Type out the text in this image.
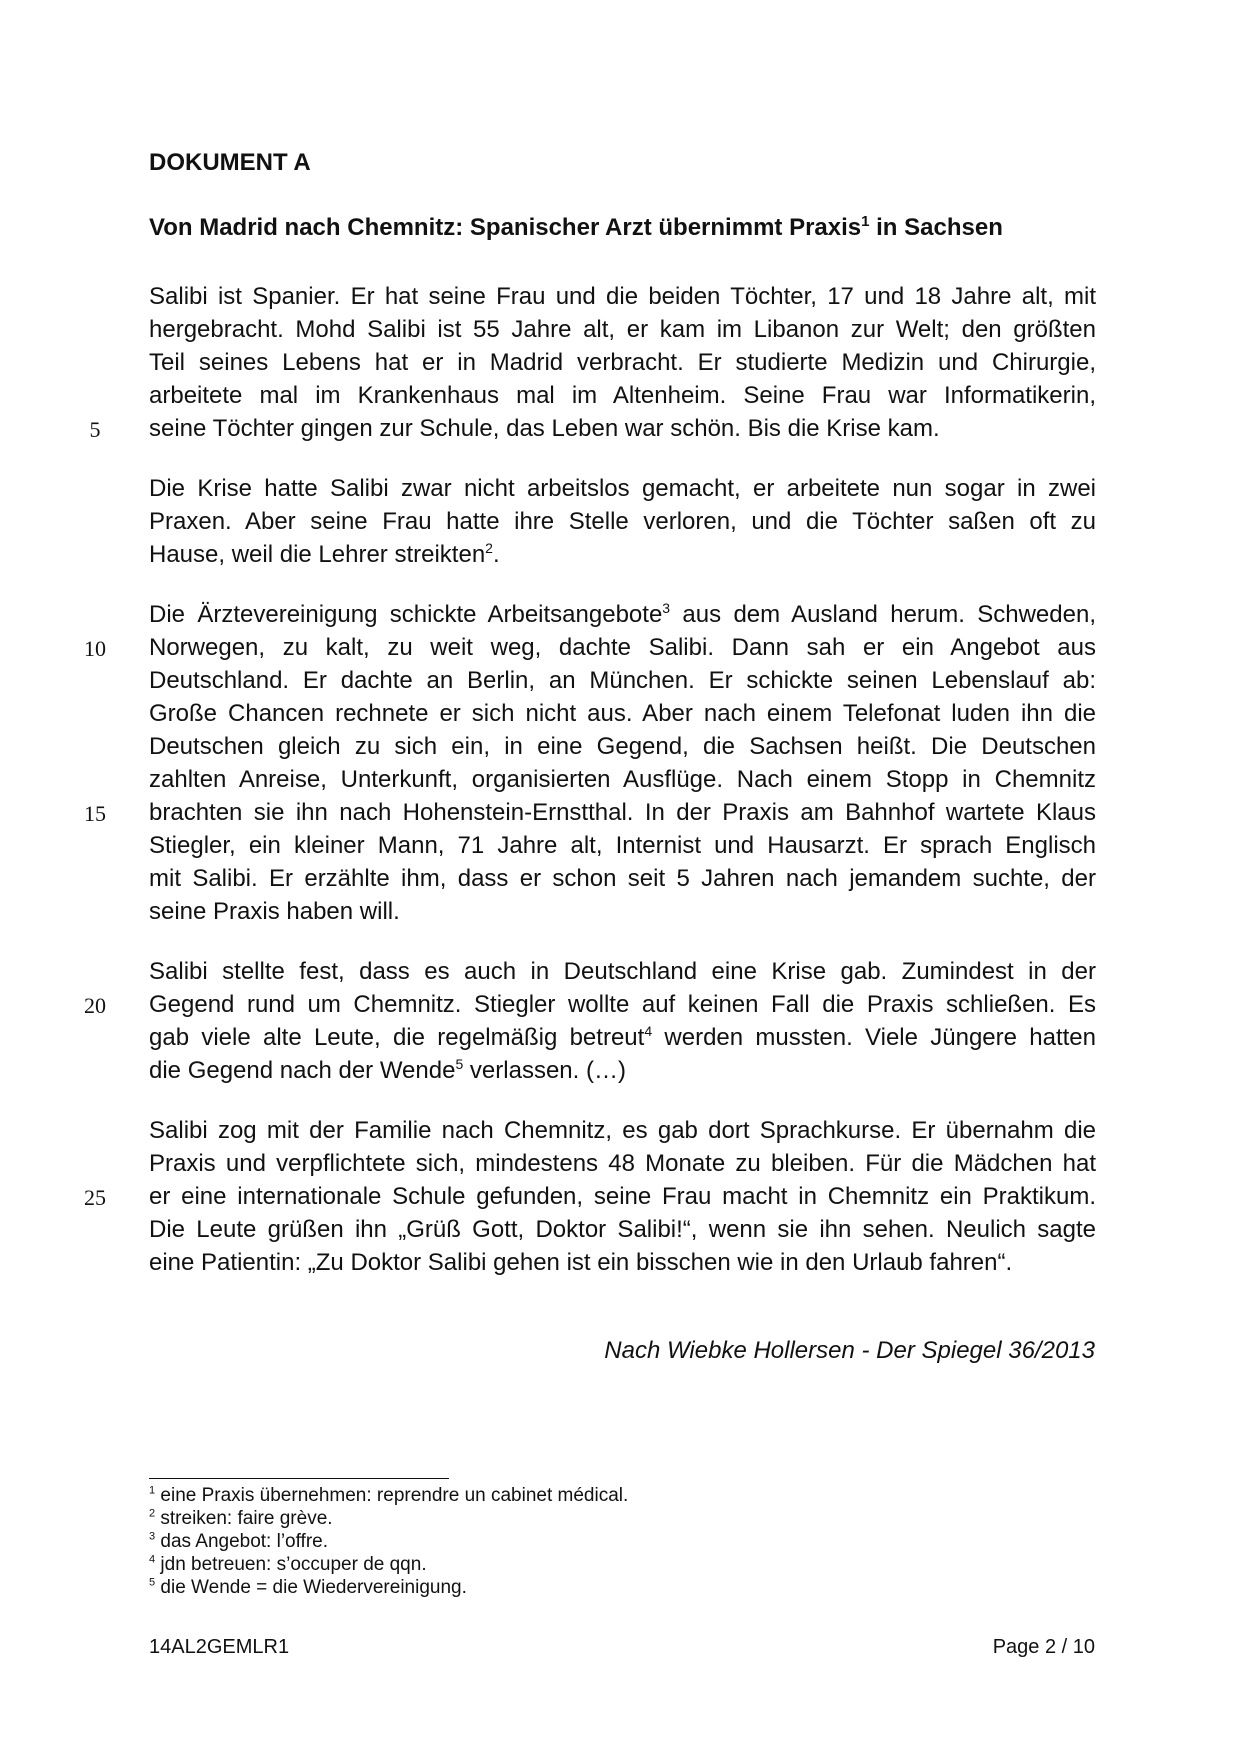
DOKUMENT A
Von Madrid nach Chemnitz: Spanischer Arzt übernimmt Praxis$^1$ in Sachsen
Salibi ist Spanier. Er hat seine Frau und die beiden Töchter, 17 und 18 Jahre alt, mit
hergebracht. Mohd Salibi ist 55 Jahre alt, er kam im Libanon zur Welt; den größten
Teil seines Lebens hat er in Madrid verbracht. Er studierte Medizin und Chirurgie,
arbeitete mal im Krankenhaus mal im Altenheim. Seine Frau war Informatikerin,
seine Töchter gingen zur Schule, das Leben war schön. Bis die Krise kam.
5
Die Krise hatte Salibi zwar nicht arbeitslos gemacht, er arbeitete nun sogar in zwei
Praxen. Aber seine Frau hatte ihre Stelle verloren, und die Töchter saßen oft zu
Hause, weil die Lehrer streikten$^2$.
Die Ärztevereinigung schickte Arbeitsangebote$^3$ aus dem Ausland herum. Schweden,
Norwegen, zu kalt, zu weit weg, dachte Salibi. Dann sah er ein Angebot aus
10
Deutschland. Er dachte an Berlin, an München. Er schickte seinen Lebenslauf ab:
Große Chancen rechnete er sich nicht aus. Aber nach einem Telefonat luden ihn die
Deutschen gleich zu sich ein, in eine Gegend, die Sachsen heißt. Die Deutschen
zahlten Anreise, Unterkunft, organisierten Ausflüge. Nach einem Stopp in Chemnitz
brachten sie ihn nach Hohenstein-Ernstthal. In der Praxis am Bahnhof wartete Klaus
15
Stiegler, ein kleiner Mann, 71 Jahre alt, Internist und Hausarzt. Er sprach Englisch
mit Salibi. Er erzählte ihm, dass er schon seit 5 Jahren nach jemandem suchte, der
seine Praxis haben will.
Salibi stellte fest, dass es auch in Deutschland eine Krise gab. Zumindest in der
Gegend rund um Chemnitz. Stiegler wollte auf keinen Fall die Praxis schließen. Es
20
gab viele alte Leute, die regelmäßig betreut$^4$ werden mussten. Viele Jüngere hatten
die Gegend nach der Wende$^5$ verlassen. (…)
Salibi zog mit der Familie nach Chemnitz, es gab dort Sprachkurse. Er übernahm die
Praxis und verpflichtete sich, mindestens 48 Monate zu bleiben. Für die Mädchen hat
er eine internationale Schule gefunden, seine Frau macht in Chemnitz ein Praktikum.
25
Die Leute grüßen ihn „Grüß Gott, Doktor Salibi!“, wenn sie ihn sehen. Neulich sagte
eine Patientin: „Zu Doktor Salibi gehen ist ein bisschen wie in den Urlaub fahren“.
Nach Wiebke Hollersen - Der Spiegel 36/2013
$^1$ eine Praxis übernehmen: reprendre un cabinet médical.
$^2$ streiken: faire grève.
$^3$ das Angebot: l’offre.
$^4$ jdn betreuen: s’occuper de qqn.
$^5$ die Wende = die Wiedervereinigung.
14AL2GEMLR1	Page 2 / 10
